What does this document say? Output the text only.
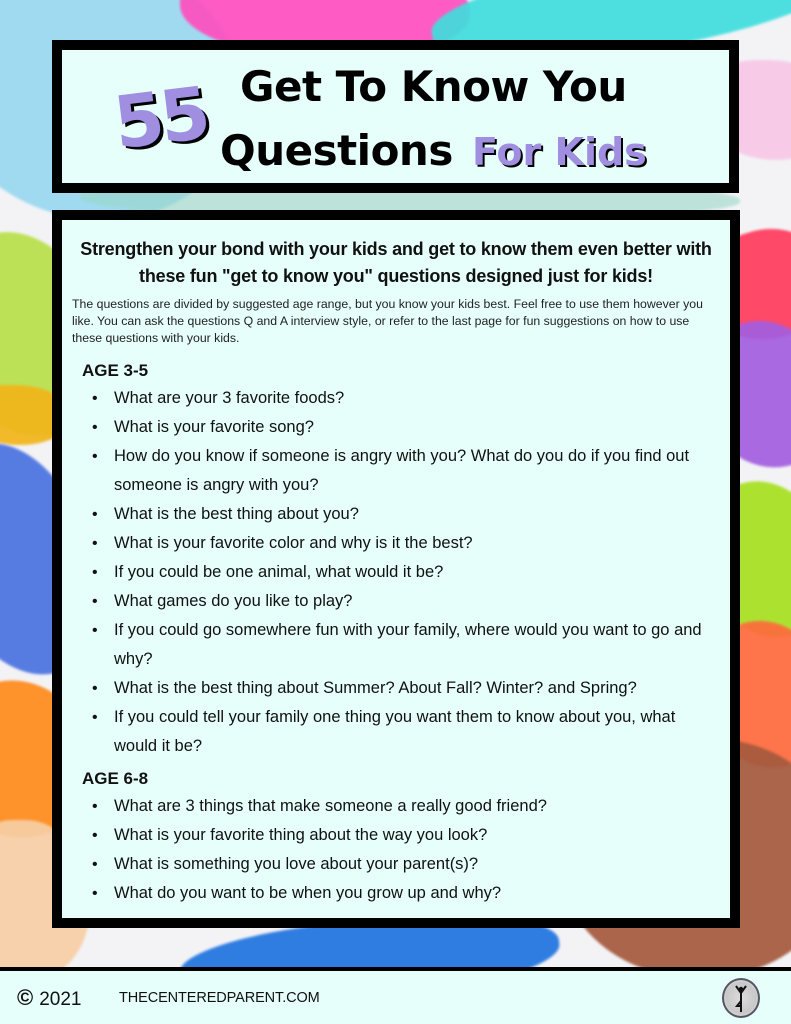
55 Get To Know You
Questions For Kids
Strengthen your bond with your kids and get to know them even better with these fun "get to know you" questions designed just for kids!
The questions are divided by suggested age range, but you know your kids best. Feel free to use them however you like. You can ask the questions Q and A interview style, or refer to the last page for fun suggestions on how to use these questions with your kids.
AGE 3-5
• What are your 3 favorite foods?
• What is your favorite song?
• How do you know if someone is angry with you? What do you do if you find out someone is angry with you?
• What is the best thing about you?
• What is your favorite color and why is it the best?
• If you could be one animal, what would it be?
• What games do you like to play?
• If you could go somewhere fun with your family, where would you want to go and why?
• What is the best thing about Summer? About Fall? Winter? and Spring?
• If you could tell your family one thing you want them to know about you, what would it be?
AGE 6-8
• What are 3 things that make someone a really good friend?
• What is your favorite thing about the way you look?
• What is something you love about your parent(s)?
• What do you want to be when you grow up and why?
© 2021	THECENTEREDPARENT.COM
